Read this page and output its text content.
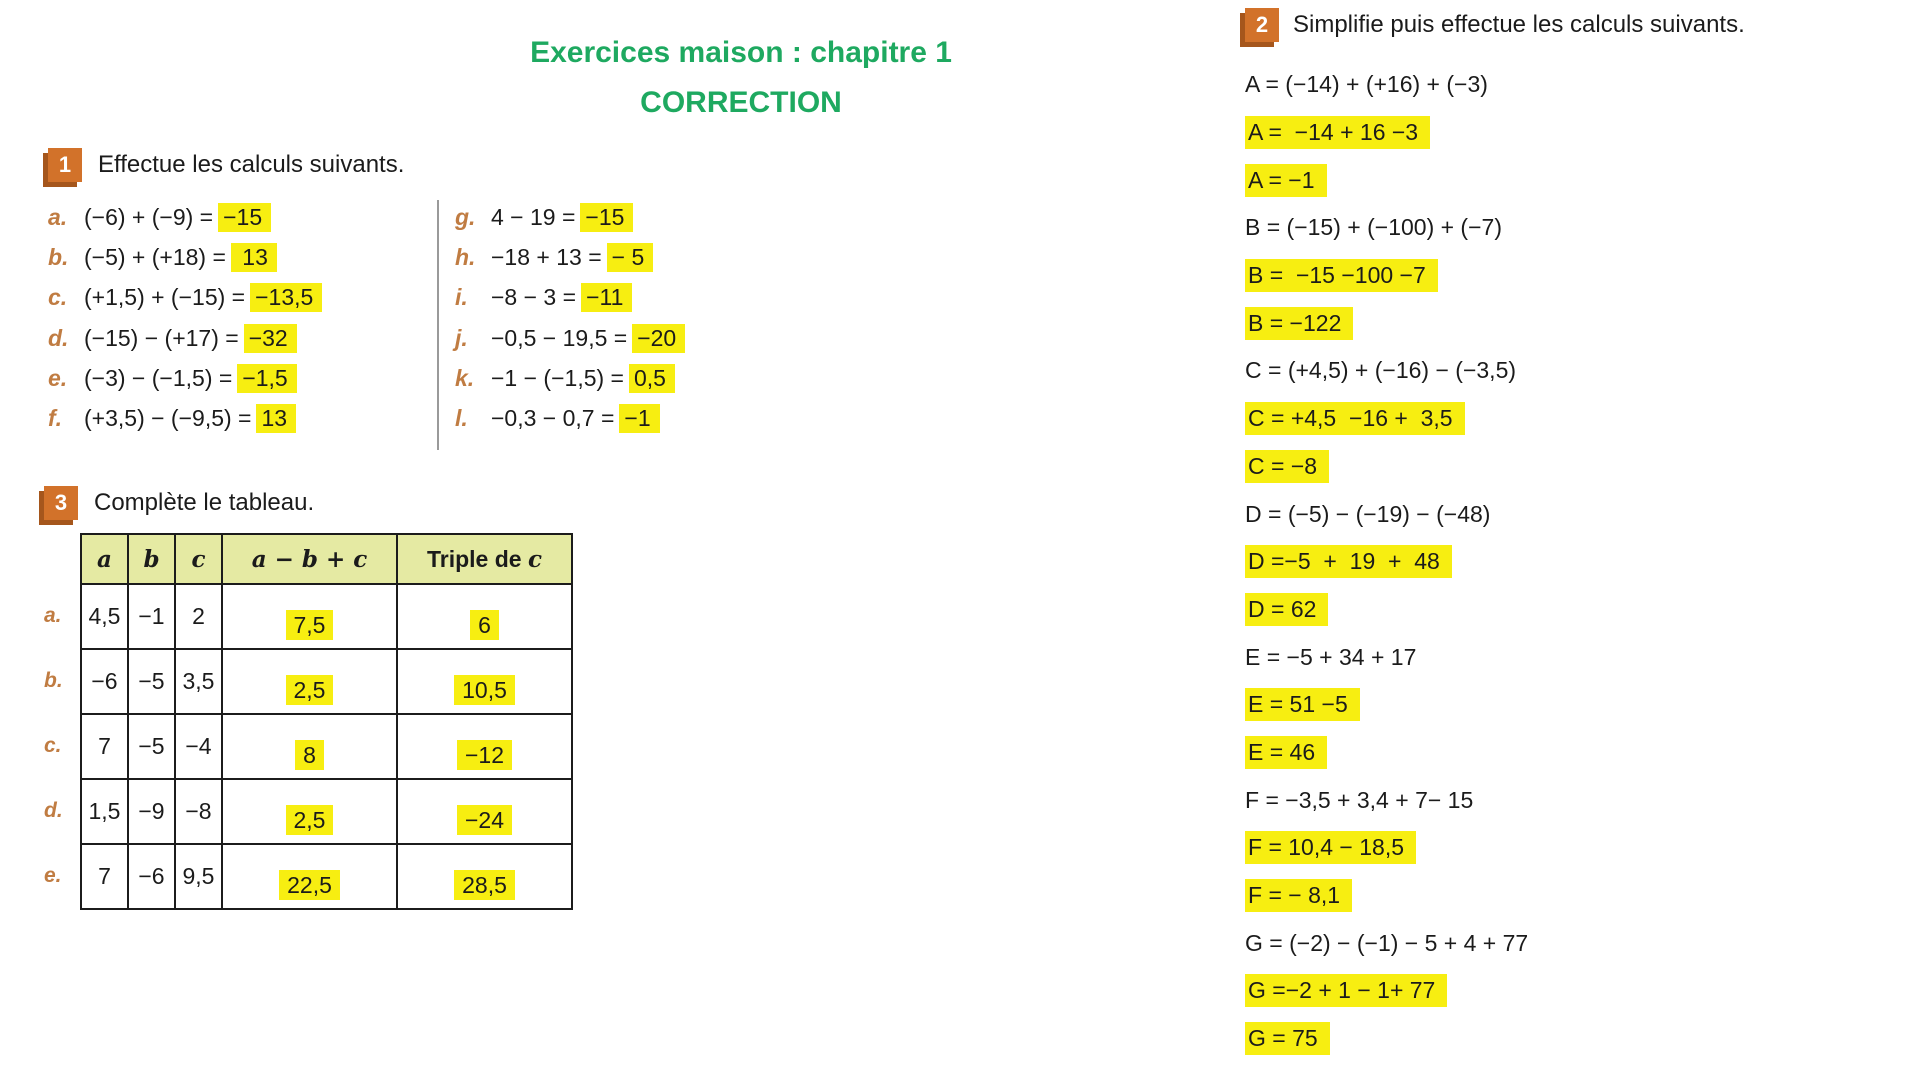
Exercices maison : chapitre 1
CORRECTION
1	Effectue les calculs suivants.
a. (−6) + (−9) = −15
b. (−5) + (+18) = 13
c. (+1,5) + (−15) = −13,5
d. (−15) − (+17) = −32
e. (−3) − (−1,5) = −1,5
f. (+3,5) − (−9,5) = 13
g. 4 − 19 = −15
h. −18 + 13 = − 5
i.	−8 − 3 = −11
j.	−0,5 − 19,5 = −20
k. −1 − (−1,5) = 0,5
l.	−0,3 − 0,7 = −1
3	Complète le tableau.
a.
b.
c.
d.
e.
a	b	c	a − b + c	Triple de c
4,5	−1	2	7,5	6
−6	−5	3,5	2,5	10,5
7	−5	−4	8	−12
1,5	−9	−8	2,5	−24
7	−6	9,5	22,5	28,5
2	Simplifie puis effectue les calculs suivants.
A = (−14) + (+16) + (−3)
A =  −14 + 16 −3
A = −1
B = (−15) + (−100) + (−7)
B =  −15 −100 −7
B = −122
C = (+4,5) + (−16) − (−3,5)
C = +4,5  −16 +  3,5
C = −8
D = (−5) − (−19) − (−48)
D =−5  +  19  +  48
D = 62
E = −5 + 34 + 17
E = 51 −5
E = 46
F = −3,5 + 3,4 + 7− 15
F = 10,4 − 18,5
F = − 8,1
G = (−2) − (−1) − 5 + 4 + 77
G =−2 + 1 − 1+ 77
G = 75
